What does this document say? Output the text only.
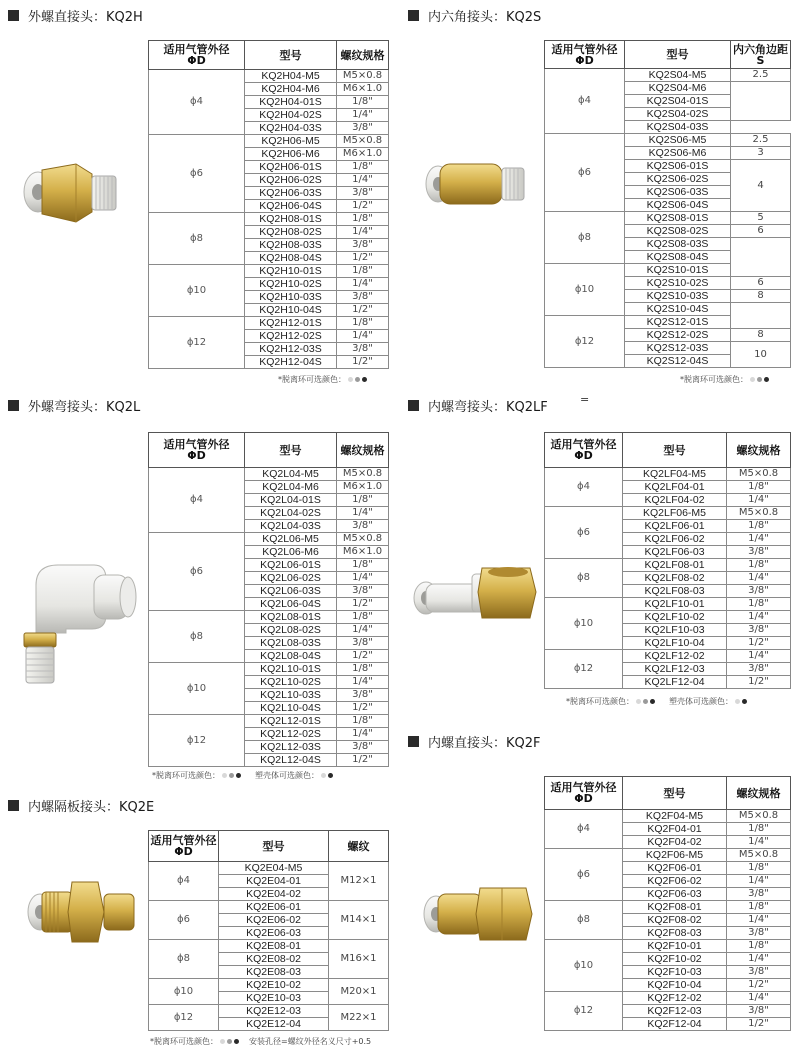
外螺直接头：KQ2H	内六角接头：KQ2S
外螺弯接头：KQ2L	内螺弯接头：KQ2LF
=
内螺直接头：KQ2F
内螺隔板接头：KQ2E
适用气管外径
ΦD	型号	螺纹规格
ϕ4	KQ2H04-M5	M5×0.8
	KQ2H04-M6	M6×1.0
	KQ2H04-01S	1/8"
	KQ2H04-02S	1/4"
	KQ2H04-03S	3/8"
ϕ6	KQ2H06-M5	M5×0.8
	KQ2H06-M6	M6×1.0
	KQ2H06-01S	1/8"
	KQ2H06-02S	1/4"
	KQ2H06-03S	3/8"
	KQ2H06-04S	1/2"
ϕ8	KQ2H08-01S	1/8"
	KQ2H08-02S	1/4"
	KQ2H08-03S	3/8"
	KQ2H08-04S	1/2"
ϕ10	KQ2H10-01S	1/8"
	KQ2H10-02S	1/4"
	KQ2H10-03S	3/8"
	KQ2H10-04S	1/2"
ϕ12	KQ2H12-01S	1/8"
	KQ2H12-02S	1/4"
	KQ2H12-03S	3/8"
	KQ2H12-04S	1/2"
适用气管外径
ΦD	型号	内六角边距
S	
ϕ4	KQ2S04-M5	2.5	
	KQ2S04-M6		
	KQ2S04-01S		
	KQ2S04-02S		
	KQ2S04-03S		
ϕ6	KQ2S06-M5	2.5	
	KQ2S06-M6	3	
	KQ2S06-01S	4	
	KQ2S06-02S		
	KQ2S06-03S		
	KQ2S06-04S		
ϕ8	KQ2S08-01S	5	
	KQ2S08-02S	6	
	KQ2S08-03S		
	KQ2S08-04S		
ϕ10	KQ2S10-01S	
	KQ2S10-02S	6	
	KQ2S10-03S	8	
	KQ2S10-04S		
ϕ12	KQ2S12-01S	
	KQ2S12-02S	8	
	KQ2S12-03S	10	
	KQ2S12-04S		
适用气管外径
ΦD	型号	螺纹规格
ϕ4	KQ2L04-M5	M5×0.8
	KQ2L04-M6	M6×1.0
	KQ2L04-01S	1/8"
	KQ2L04-02S	1/4"
	KQ2L04-03S	3/8"
ϕ6	KQ2L06-M5	M5×0.8
	KQ2L06-M6	M6×1.0
	KQ2L06-01S	1/8"
	KQ2L06-02S	1/4"
	KQ2L06-03S	3/8"
	KQ2L06-04S	1/2"
ϕ8	KQ2L08-01S	1/8"
	KQ2L08-02S	1/4"
	KQ2L08-03S	3/8"
	KQ2L08-04S	1/2"
ϕ10	KQ2L10-01S	1/8"
	KQ2L10-02S	1/4"
	KQ2L10-03S	3/8"
	KQ2L10-04S	1/2"
ϕ12	KQ2L12-01S	1/8"
	KQ2L12-02S	1/4"
	KQ2L12-03S	3/8"
	KQ2L12-04S	1/2"
适用气管外径
ΦD	型号	螺纹规格
ϕ4	KQ2LF04-M5	M5×0.8
	KQ2LF04-01	1/8"
	KQ2LF04-02	1/4"
ϕ6	KQ2LF06-M5	M5×0.8
	KQ2LF06-01	1/8"
	KQ2LF06-02	1/4"
	KQ2LF06-03	3/8"
ϕ8	KQ2LF08-01	1/8"
	KQ2LF08-02	1/4"
	KQ2LF08-03	3/8"
ϕ10	KQ2LF10-01	1/8"
	KQ2LF10-02	1/4"
	KQ2LF10-03	3/8"
	KQ2LF10-04	1/2"
ϕ12	KQ2LF12-02	1/4"
	KQ2LF12-03	3/8"
	KQ2LF12-04	1/2"
适用气管外径
ΦD	型号	螺纹规格
ϕ4	KQ2F04-M5	M5×0.8
	KQ2F04-01	1/8"
	KQ2F04-02	1/4"
ϕ6	KQ2F06-M5	M5×0.8
	KQ2F06-01	1/8"
	KQ2F06-02	1/4"
	KQ2F06-03	3/8"
ϕ8	KQ2F08-01	1/8"
	KQ2F08-02	1/4"
	KQ2F08-03	3/8"
ϕ10	KQ2F10-01	1/8"
	KQ2F10-02	1/4"
	KQ2F10-03	3/8"
	KQ2F10-04	1/2"
ϕ12	KQ2F12-02	1/4"
	KQ2F12-03	3/8"
	KQ2F12-04	1/2"
适用气管外径
ΦD	型号	螺纹
ϕ4	KQ2E04-M5	M12×1
	KQ2E04-01	
	KQ2E04-02	
ϕ6	KQ2E06-01	M14×1
	KQ2E06-02	
	KQ2E06-03	
ϕ8	KQ2E08-01	M16×1
	KQ2E08-02	
	KQ2E08-03	
ϕ10	KQ2E10-02	M20×1
	KQ2E10-03	
ϕ12	KQ2E12-03	M22×1
	KQ2E12-04	
*脱离环可选颜色：	*脱离环可选颜色：
*脱离环可选颜色：	塑壳体可选颜色：
*脱离环可选颜色：	塑壳体可选颜色：
*脱离环可选颜色：	安装孔径=螺纹外径名义尺寸+0.5
